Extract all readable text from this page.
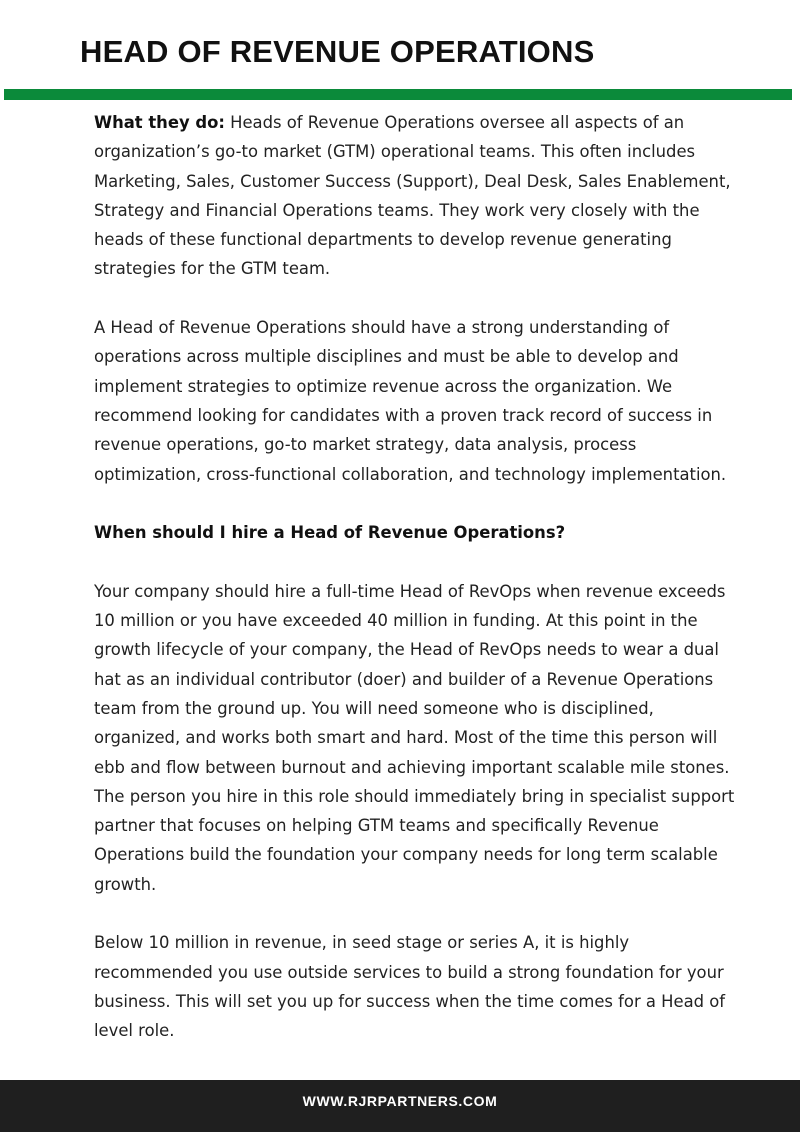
HEAD OF REVENUE OPERATIONS

What they do: Heads of Revenue Operations oversee all aspects of an organization’s go-to market (GTM) operational teams. This often includes Marketing, Sales, Customer Success (Support), Deal Desk, Sales Enablement, Strategy and Financial Operations teams. They work very closely with the heads of these functional departments to develop revenue generating strategies for the GTM team.

A Head of Revenue Operations should have a strong understanding of operations across multiple disciplines and must be able to develop and implement strategies to optimize revenue across the organization. We recommend looking for candidates with a proven track record of success in revenue operations, go-to market strategy, data analysis, process optimization, cross-functional collaboration, and technology implementation.

When should I hire a Head of Revenue Operations?

Your company should hire a full-time Head of RevOps when revenue exceeds 10 million or you have exceeded 40 million in funding. At this point in the growth lifecycle of your company, the Head of RevOps needs to wear a dual hat as an individual contributor (doer) and builder of a Revenue Operations team from the ground up. You will need someone who is disciplined, organized, and works both smart and hard. Most of the time this person will ebb and flow between burnout and achieving important scalable mile stones. The person you hire in this role should immediately bring in specialist support partner that focuses on helping GTM teams and specifically Revenue Operations build the foundation your company needs for long term scalable growth.

Below 10 million in revenue, in seed stage or series A, it is highly recommended you use outside services to build a strong foundation for your business. This will set you up for success when the time comes for a Head of level role.

WWW.RJRPARTNERS.COM
